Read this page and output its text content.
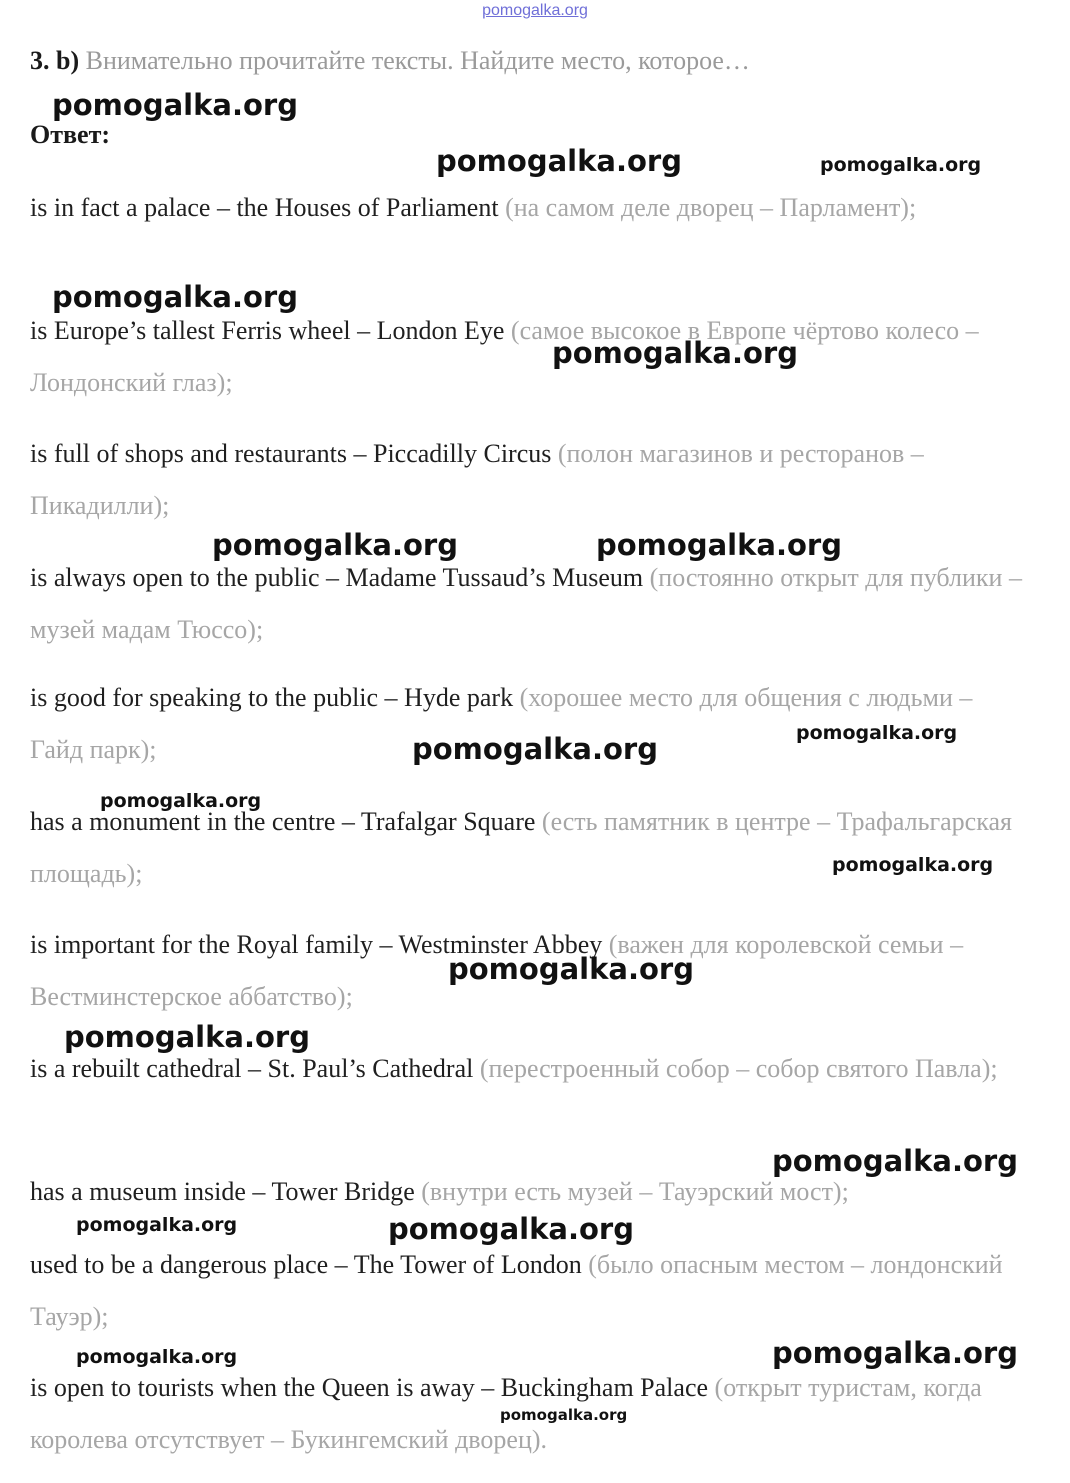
pomogalka.org
3. b) Внимательно прочитайте тексты. Найдите место, которое…
Ответ:
is in fact a palace – the Houses of Parliament (на самом деле дворец – Парламент);
is Europe’s tallest Ferris wheel – London Eye (самое высокое в Европе чёртово колесо – Лондонский глаз);
is full of shops and restaurants – Piccadilly Circus (полон магазинов и ресторанов – Пикадилли);
is always open to the public – Madame Tussaud’s Museum (постоянно открыт для публики – музей мадам Тюссо);
is good for speaking to the public – Hyde park (хорошее место для общения с людьми – Гайд парк);
has a monument in the centre – Trafalgar Square (есть памятник в центре – Трафальгарская площадь);
is important for the Royal family – Westminster Abbey (важен для королевской семьи – Вестминстерское аббатство);
is a rebuilt cathedral – St. Paul’s Cathedral (перестроенный собор – собор святого Павла);
has a museum inside – Tower Bridge (внутри есть музей – Тауэрский мост);
used to be a dangerous place – The Tower of London (было опасным местом – лондонский Тауэр);
is open to tourists when the Queen is away – Buckingham Palace (открыт туристам, когда королева отсутствует – Букингемский дворец).
pomogalka.org
pomogalka.org	pomogalka.org
pomogalka.org
pomogalka.org
pomogalka.org	pomogalka.org
pomogalka.org	pomogalka.org
pomogalka.org
pomogalka.org
pomogalka.org
pomogalka.org
pomogalka.org
pomogalka.org	pomogalka.org
pomogalka.org	pomogalka.org
pomogalka.org
